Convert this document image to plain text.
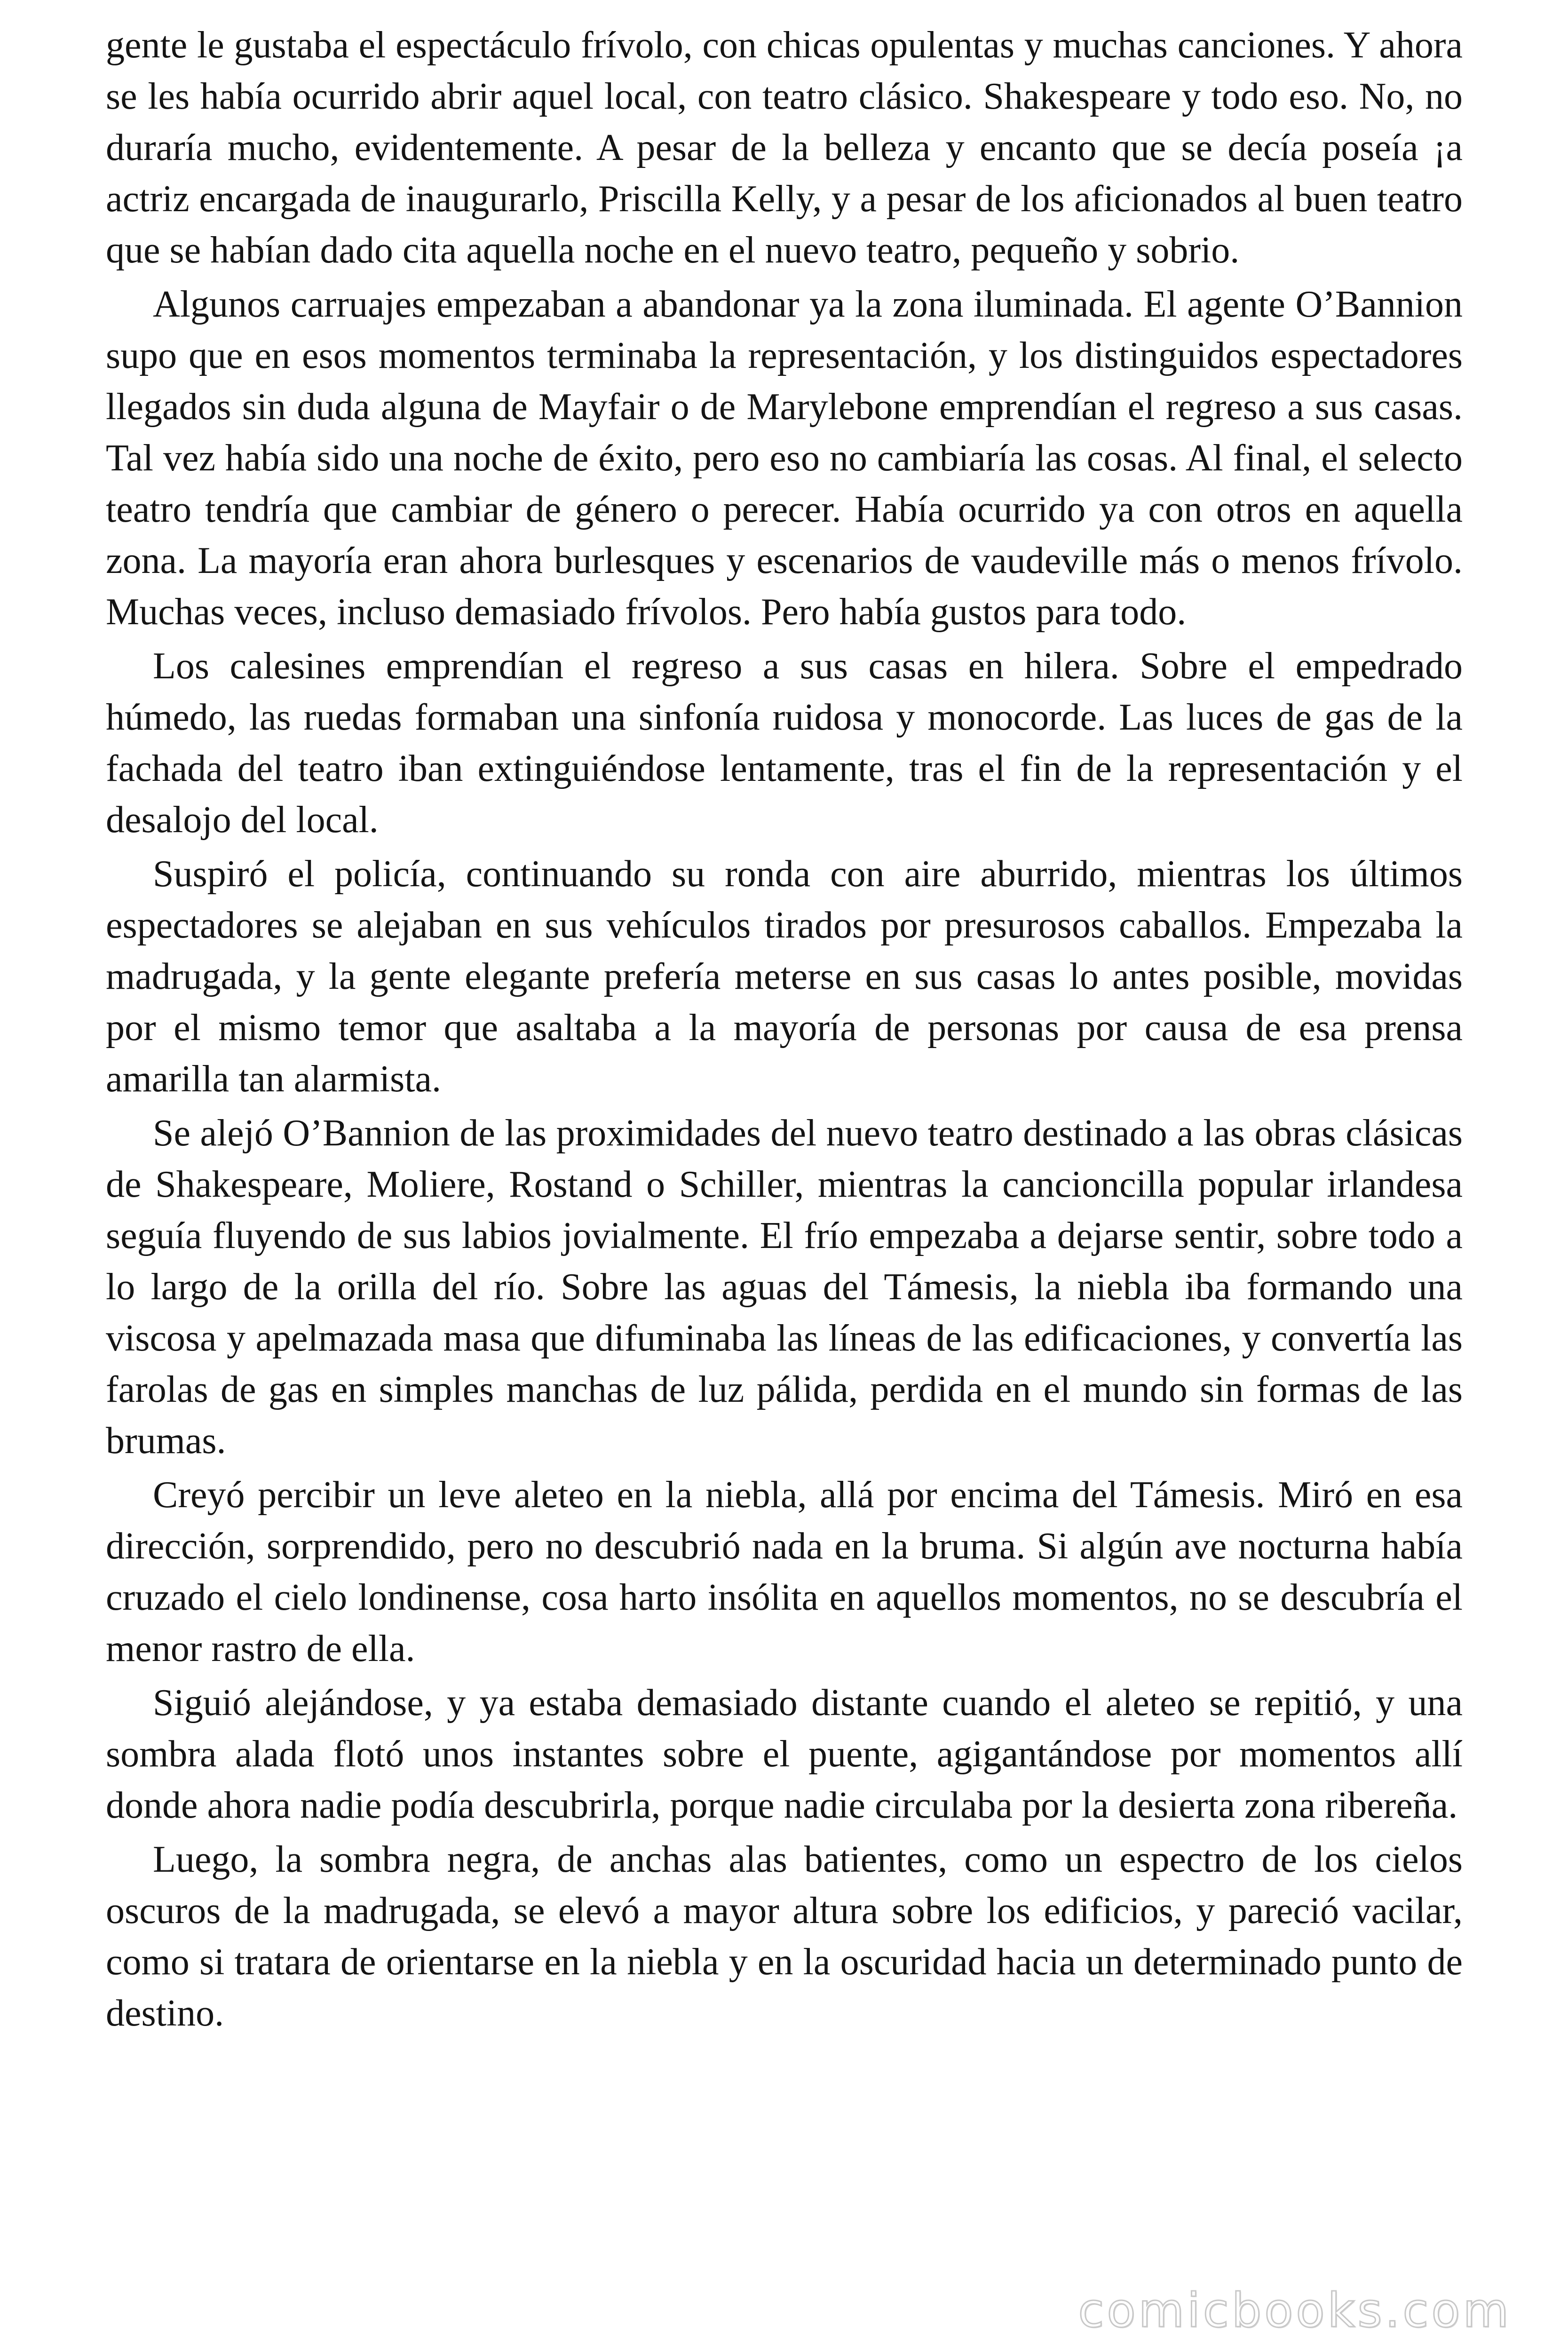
gente le gustaba el espectáculo frívolo, con chicas opulentas y muchas canciones. Y ahora se les había ocurrido abrir aquel local, con teatro clásico. Shakespeare y todo eso. No, no duraría mucho, evidentemente. A pesar de la belleza y encanto que se decía poseía ¡a actriz encargada de inaugurarlo, Priscilla Kelly, y a pesar de los aficionados al buen teatro que se habían dado cita aquella noche en el nuevo teatro, pequeño y sobrio.

Algunos carruajes empezaban a abandonar ya la zona iluminada. El agente O’Bannion supo que en esos momentos terminaba la representación, y los distinguidos espectadores llegados sin duda alguna de Mayfair o de Marylebone emprendían el regreso a sus casas. Tal vez había sido una noche de éxito, pero eso no cambiaría las cosas. Al final, el selecto teatro tendría que cambiar de género o perecer. Había ocurrido ya con otros en aquella zona. La mayoría eran ahora burlesques y escenarios de vaudeville más o menos frívolo. Muchas veces, incluso demasiado frívolos. Pero había gustos para todo.

Los calesines emprendían el regreso a sus casas en hilera. Sobre el empedrado húmedo, las ruedas formaban una sinfonía ruidosa y monocorde. Las luces de gas de la fachada del teatro iban extinguiéndose lentamente, tras el fin de la representación y el desalojo del local.

Suspiró el policía, continuando su ronda con aire aburrido, mientras los últimos espectadores se alejaban en sus vehículos tirados por presurosos caballos. Empezaba la madrugada, y la gente elegante prefería meterse en sus casas lo antes posible, movidas por el mismo temor que asaltaba a la mayoría de personas por causa de esa prensa amarilla tan alarmista.

Se alejó O’Bannion de las proximidades del nuevo teatro destinado a las obras clásicas de Shakespeare, Moliere, Rostand o Schiller, mientras la cancioncilla popular irlandesa seguía fluyendo de sus labios jovialmente. El frío empezaba a dejarse sentir, sobre todo a lo largo de la orilla del río. Sobre las aguas del Támesis, la niebla iba formando una viscosa y apelmazada masa que difuminaba las líneas de las edificaciones, y convertía las farolas de gas en simples manchas de luz pálida, perdida en el mundo sin formas de las brumas.

Creyó percibir un leve aleteo en la niebla, allá por encima del Támesis. Miró en esa dirección, sorprendido, pero no descubrió nada en la bruma. Si algún ave nocturna había cruzado el cielo londinense, cosa harto insólita en aquellos momentos, no se descubría el menor rastro de ella.

Siguió alejándose, y ya estaba demasiado distante cuando el aleteo se repitió, y una sombra alada flotó unos instantes sobre el puente, agigantándose por momentos allí donde ahora nadie podía descubrirla, porque nadie circulaba por la desierta zona ribereña.

Luego, la sombra negra, de anchas alas batientes, como un espectro de los cielos oscuros de la madrugada, se elevó a mayor altura sobre los edificios, y pareció vacilar, como si tratara de orientarse en la niebla y en la oscuridad hacia un determinado punto de destino.

comicbooks.com
